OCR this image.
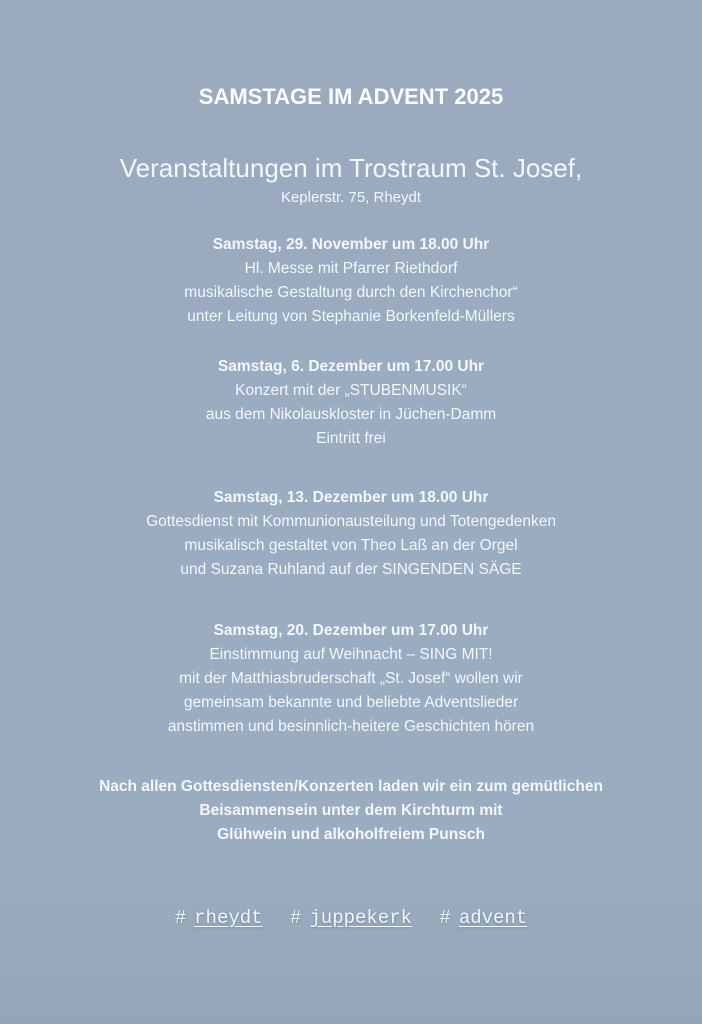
SAMSTAGE IM ADVENT 2025
Veranstaltungen im Trostraum St. Josef,
Keplerstr. 75, Rheydt
Samstag, 29. November um 18.00 Uhr
Hl. Messe mit Pfarrer Riethdorf
musikalische Gestaltung durch den Kirchenchor“
unter Leitung von Stephanie Borkenfeld-Müllers
Samstag, 6. Dezember um 17.00 Uhr
Konzert mit der „STUBENMUSIK“
aus dem Nikolauskloster in Jüchen-Damm
Eintritt frei
Samstag, 13. Dezember um 18.00 Uhr
Gottesdienst mit Kommunionausteilung und Totengedenken
musikalisch gestaltet von Theo Laß an der Orgel
und Suzana Ruhland auf der SINGENDEN SÄGE
Samstag, 20. Dezember um 17.00 Uhr
Einstimmung auf Weihnacht – SING MIT!
mit der Matthiasbruderschaft „St. Josef“ wollen wir
gemeinsam bekannte und beliebte Adventslieder
anstimmen und besinnlich-heitere Geschichten hören
Nach allen Gottesdiensten/Konzerten laden wir ein zum gemütlichen
Beisammensein unter dem Kirchturm mit
Glühwein und alkoholfreiem Punsch
# rheydt # juppekerk # advent
